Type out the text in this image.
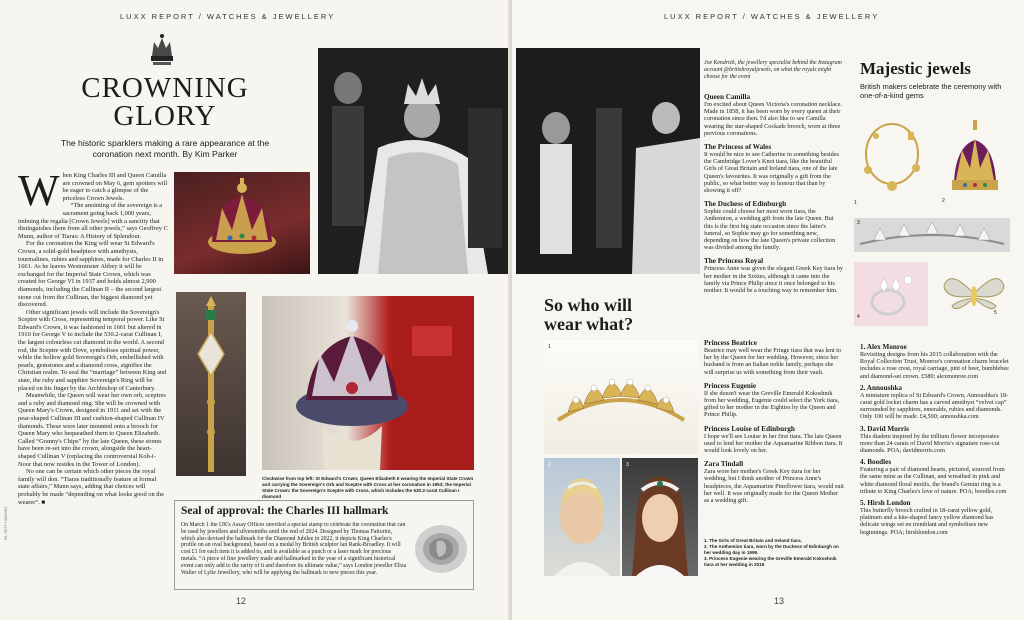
LUXX REPORT / WATCHES & JEWELLERY
CROWNING
GLORY
The historic sparklers making a rare appearance at the coronation next month. By Kim Parker
W hen King Charles III and Queen Camilla are crowned on May 6, gem spotters will be eager to catch a glimpse of the priceless Crown Jewels.

“The anointing of the sovereign is a sacrament going back 1,000 years, imbuing the regalia [Crown Jewels] with a sanctity that distinguishes them from all other jewels,” says Geoffrey C Munn, author of Tiaras: A History of Splendour.

For the coronation the King will wear St Edward's Crown, a solid-gold headpiece with amethysts, tourmalines, rubies and sapphires, made for Charles II in 1661. As he leaves Westminster Abbey it will be exchanged for the Imperial State Crown, which was created for George VI in 1937 and holds almost 2,900 diamonds, including the Cullinan II – the second largest stone cut from the Cullinan, the biggest diamond yet discovered.

Other significant jewels will include the Sovereign's Sceptre with Cross, representing temporal power. Like St Edward's Crown, it was fashioned in 1661 but altered in 1910 for George V to include the 530.2-carat Cullinan I, the largest colourless cut diamond in the world. A second rod, the Sceptre with Dove, symbolises spiritual power, while the hollow gold Sovereign's Orb, embellished with pearls, gemstones and a diamond cross, signifies the Christian realm. To seal the “marriage” between King and state, the ruby and sapphire Sovereign's Ring will be placed on his finger by the Archbishop of Canterbury.

Meanwhile, the Queen will wear her own orb, sceptres and a ruby and diamond ring. She will be crowned with Queen Mary's Crown, designed in 1911 and set with the pear-shaped Cullinan III and cushion-shaped Cullinan IV diamonds. These were later mounted onto a brooch for Queen Mary who bequeathed them to Queen Elizabeth. Called “Granny's Chips” by the late Queen, these stones have been re-set into the crown, alongside the heart-shaped Cullinan V (replacing the controversial Koh-i-Noor that now resides in the Tower of London).

No one can be certain which other pieces the royal family will don. “Tiaras traditionally feature at formal state affairs,” Munn says, adding that choices will probably be made “depending on what looks good on the wearer”. ■

PA, GETTY IMAGES
Clockwise from top left: St Edward's Crown; Queen Elizabeth II wearing the Imperial State Crown and carrying the Sovereign's Orb and Sceptre with Cross at her coronation in 1953; the Imperial State Crown; the Sovereign's Sceptre with Cross, which includes the 530.2-carat Cullinan I diamond
Seal of approval: the Charles III hallmark
On March 1 the UK's Assay Offices unveiled a special stamp to celebrate the coronation that can be used by jewellers and silversmiths until the end of 2024. Designed by Thomas Fattorini, which also devised the hallmark for the Diamond Jubilee in 2022, it depicts King Charles's profile on an oval background, based on a medal by British sculptor Ian Rank-Broadley. It will cost £1 for each item it is added to, and is available as a punch or a laser mark for precious metals. “A piece of fine jewellery made and hallmarked in the year of a significant historical event can only add to the rarity of it and therefore its ultimate value,” says London jeweller Eliza Walter of Lylie Jewellery, who will be applying the hallmark to new pieces this year.
12
LUXX REPORT / WATCHES & JEWELLERY
Joe Kendrick, the jewellery specialist behind the Instagram account @britishroyaljewels, on what the royals might choose for the event
Queen Camilla

I'm excited about Queen Victoria's coronation necklace. Made in 1858, it has been worn by every queen at their coronation since then. I'd also like to see Camilla wearing the star-shaped Cockade brooch, worn at three previous coronations.

The Princess of Wales

It would be nice to see Catherine in something besides the Cambridge Lover's Knot tiara, like the beautiful Girls of Great Britain and Ireland tiara, one of the late Queen's favourites. It was originally a gift from the public, so what better way to honour that than by showing it off?

The Duchess of Edinburgh

Sophie could choose her most worn tiara, the Anthemion, a wedding gift from the late Queen. But this is the first big state occasion since the latter's funeral, so Sophie may go for something new, depending on how the late Queen's private collection was divided among the family.

The Princess Royal

Princess Anne was given the elegant Greek Key tiara by her mother in the Sixties, although it came into the family via Prince Philip since it once belonged to his mother. It would be a touching way to remember him.

Princess Beatrice

Beatrice may well wear the Fringe tiara that was lent to her by the Queen for her wedding. However, since her husband is from an Italian noble family, perhaps she will surprise us with something from their vault.

Princess Eugenie

If she doesn't wear the Greville Emerald Kokoshnik from her wedding, Eugenie could select the York tiara, gifted to her mother in the Eighties by the Queen and Prince Philip.

Princess Louise of Edinburgh

I hope we'll see Louise in her first tiara. The late Queen used to lend her mother the Aquamarine Ribbon tiara. It would look lovely on her.

Zara Tindall

Zara wore her mother's Greek Key tiara for her wedding, but I think another of Princess Anne's headpieces, the Aquamarine Pineflower tiara, would suit her well. It was originally made for the Queen Mother as a wedding gift.

So who will wear what?
1
2	3
1. The Girls of Great Britain and Ireland tiara.
2. The Anthemion tiara, worn by the Duchess of Edinburgh on her wedding day in 1999.
3. Princess Eugenie wearing the Greville Emerald Kokoshnik tiara at her wedding in 2018
Majestic jewels
British makers celebrate the ceremony with one-of-a-kind gems
1	2
3
4
5
1. Alex Monroe

Revisiting designs from his 2015 collaboration with the Royal Collection Trust, Monroe's coronation charm bracelet includes a rose crest, royal carriage, pint of beer, bumblebee and diamond-set crown. £580; alexmonroe.com

2. Annoushka

A miniature replica of St Edward's Crown, Annoushka's 18-carat gold locket charm has a carved amethyst “velvet cap” surrounded by sapphires, emeralds, rubies and diamonds. Only 100 will be made. £4,500; annoushka.com

3. David Morris

This diadem inspired by the trillium flower incorporates more than 24 carats of David Morris's signature rose-cut diamonds. POA; davidmorris.com

4. Boodles

Featuring a pair of diamond hearts, pictured, sourced from the same mine as the Cullinan, and wreathed in pink and white diamond floral motifs, the brand's Gemini ring is a tribute to King Charles's love of nature. POA; boodles.com

5. Hirsh London

This butterfly brooch crafted in 18-carat yellow gold, platinum and a kite-shaped fancy yellow diamond has delicate wings set en tremblant and symbolises new beginnings. POA; hirshlondon.com

13
